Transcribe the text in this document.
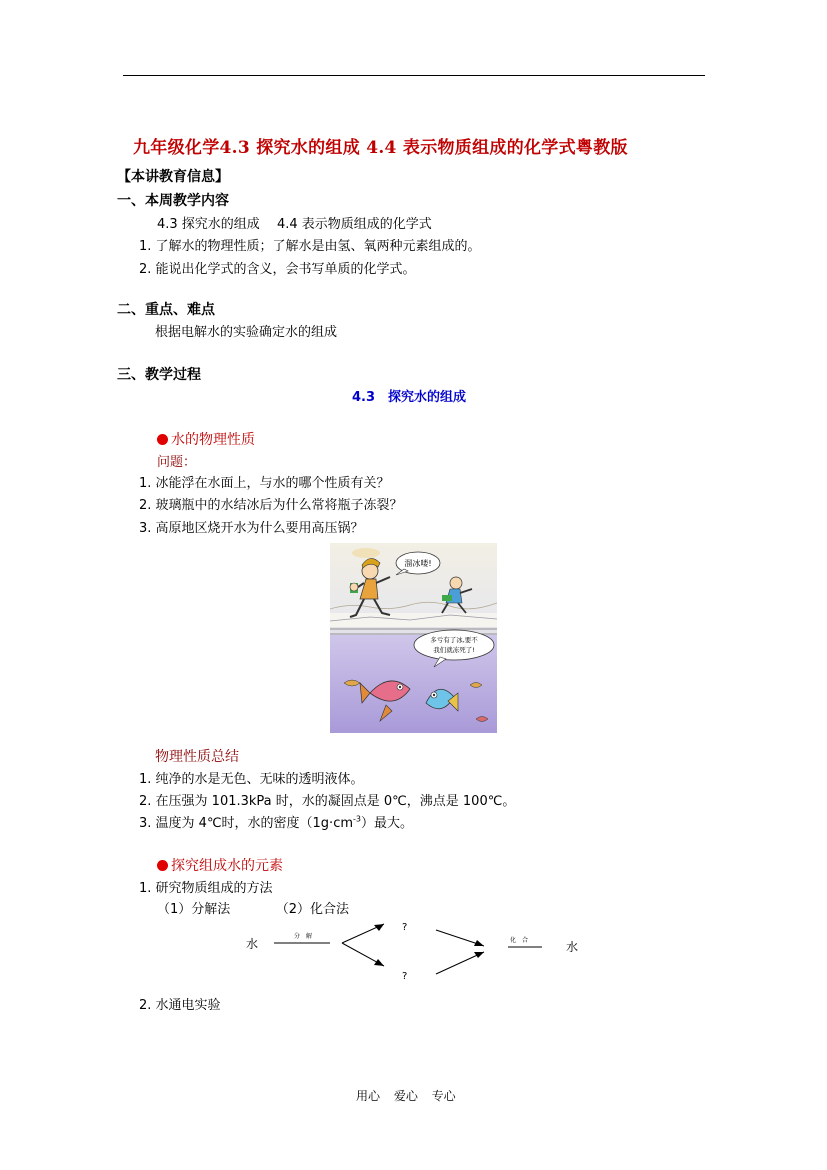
九年级化学4.3 探究水的组成 4.4 表示物质组成的化学式粤教版
【本讲教育信息】
一、本周教学内容
4.3 探究水的组成　 4.4 表示物质组成的化学式
1. 了解水的物理性质；了解水是由氢、氧两种元素组成的。
2. 能说出化学式的含义，会书写单质的化学式。
二、重点、难点
根据电解水的实验确定水的组成
三、教学过程
4.3　探究水的组成
水的物理性质
问题：
1. 冰能浮在水面上，与水的哪个性质有关？
2. 玻璃瓶中的水结冰后为什么常将瓶子冻裂？
3. 高原地区烧开水为什么要用高压锅？
溜冰喽!
多亏有了冰,要不
我们就冻死了!
物理性质总结
1. 纯净的水是无色、无味的透明液体。
2. 在压强为 101.3kPa 时，水的凝固点是 0℃，沸点是 100℃。
3. 温度为 4℃时，水的密度$(1g\cdot cm^{-3})$最大。
探究组成水的元素
1. 研究物质组成的方法
（1）分解法　　　　（2）化合法
水
分　解
?
?
化　合	水
2. 水通电实验
用心 爱心 专心
